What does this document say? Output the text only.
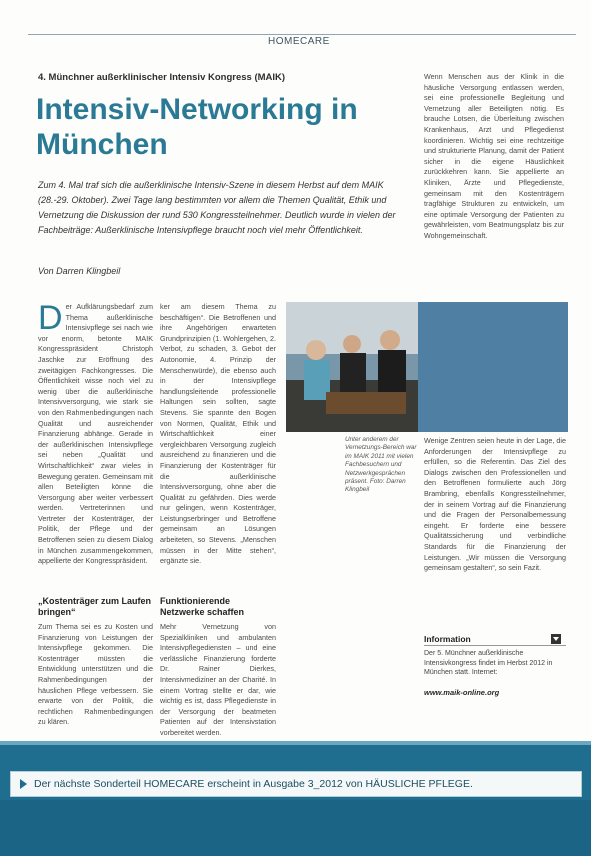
HOMECARE
4. Münchner außerklinischer Intensiv Kongress (MAIK)
Intensiv-Networking in München

Zum 4. Mal traf sich die außerklinische Intensiv-Szene in diesem Herbst auf dem MAIK (28.-29. Oktober). Zwei Tage lang bestimmten vor allem die Themen Qualität, Ethik und Vernetzung die Diskussion der rund 530 Kongressteilnehmer. Deutlich wurde in vielen der Fachbeiträge: Außerklinische Intensivpflege braucht noch viel mehr Öffentlichkeit.

Von Darren Klingbeil

D er Aufklärungsbedarf zum Thema außerklinische Intensivpflege sei nach wie vor enorm, betonte MAIK Kongresspräsident Christoph Jaschke zur Eröffnung des zweitägigen Fachkongresses. Die Öffentlichkeit wisse noch viel zu wenig über die außerklinische Intensivversorgung, wie stark sie von den Rahmenbedingungen nach Qualität und ausreichender Finanzierung abhänge. Gerade in der außerklinischen Intensivpflege sei neben „Qualität und Wirtschaftlichkeit“ zwar vieles in Bewegung geraten. Gemeinsam mit allen Beteiligten könne die Versorgung aber weiter verbessert werden. Vertreterinnen und Vertreter der Kostenträger, der Politik, der Pflege und der Betroffenen seien zu diesem Dialog in München zusammengekommen, appellierte der Kongresspräsident.
ker am diesem Thema zu beschäftigen“. Die Betroffenen und ihre Angehörigen erwarteten Grundprinzipien (1. Wohlergehen, 2. Verbot, zu schaden, 3. Gebot der Autonomie, 4. Prinzip der Menschenwürde), die ebenso auch in der Intensivpflege handlungsleitende professionelle Haltungen sein sollten, sagte Stevens. Sie spannte den Bogen von Normen, Qualität, Ethik und Wirtschaftlichkeit einer vergleichbaren Versorgung zugleich ausreichend zu finanzieren und die Finanzierung der Kostenträger für die außerklinische Intensivversorgung, ohne aber die Qualität zu gefährden. Dies werde nur gelingen, wenn Kostenträger, Leistungserbringer und Betroffene gemeinsam an Lösungen arbeiteten, so Stevens. „Menschen müssen in der Mitte stehen“, ergänzte sie.
Wenn Menschen aus der Klinik in die häusliche Versorgung entlassen werden, sei eine professionelle Begleitung und Vernetzung aller Beteiligten nötig. Es brauche Lotsen, die Überleitung zwischen Krankenhaus, Arzt und Pflegedienst koordinieren. Wichtig sei eine rechtzeitige und strukturierte Planung, damit der Patient sicher in die eigene Häuslichkeit zurückkehren kann. Sie appellierte an Kliniken, Ärzte und Pflegedienste, gemeinsam mit den Kostenträgern tragfähige Strukturen zu entwickeln, um eine optimale Versorgung der Patienten zu gewährleisten, vom Beatmungsplatz bis zur Wohngemeinschaft.
Wenige Zentren seien heute in der Lage, die Anforderungen der Intensivpflege zu erfüllen, so die Referentin. Das Ziel des Dialogs zwischen den Professionellen und den Betroffenen formulierte auch Jörg Brambring, ebenfalls Kongressteilnehmer, der in seinem Vortrag auf die Finanzierung und die Fragen der Personalbemessung eingeht. Er forderte eine bessere Qualitätssicherung und verbindliche Standards für die Finanzierung der Leistungen. „Wir müssen die Versorgung gemeinsam gestalten“, so sein Fazit.

Unter anderem der Vernetzungs-Bereich war im MAIK 2011 mit vielen Fachbesuchern und Netzwerkgesprächen präsent. Foto: Darren Klingbeil

„Kostenträger zum Laufen bringen“
Zum Thema sei es zu Kosten und Finanzierung von Leistungen der Intensivpflege gekommen. Die Kostenträger müssten die Entwicklung unterstützen und die Rahmenbedingungen der häuslichen Pflege verbessern. Sie erwarte von der Politik, die rechtlichen Rahmenbedingungen zu klären.
Funktionierende Netzwerke schaffen
Mehr Vernetzung von Spezialkliniken und ambulanten Intensivpflegediensten – und eine verlässliche Finanzierung forderte Dr. Rainer Dierkes, Intensivmediziner an der Charité. In einem Vortrag stellte er dar, wie wichtig es ist, dass Pflegedienste in der Versorgung der beatmeten Patienten auf der Intensivstation vorbereitet werden.
Information

Der 5. Münchner außerklinische Intensivkongress findet im Herbst 2012 in München statt. Internet:

www.maik-online.org
Der nächste Sonderteil HOMECARE erscheint in Ausgabe 3_2012 von HÄUSLICHE PFLEGE.
